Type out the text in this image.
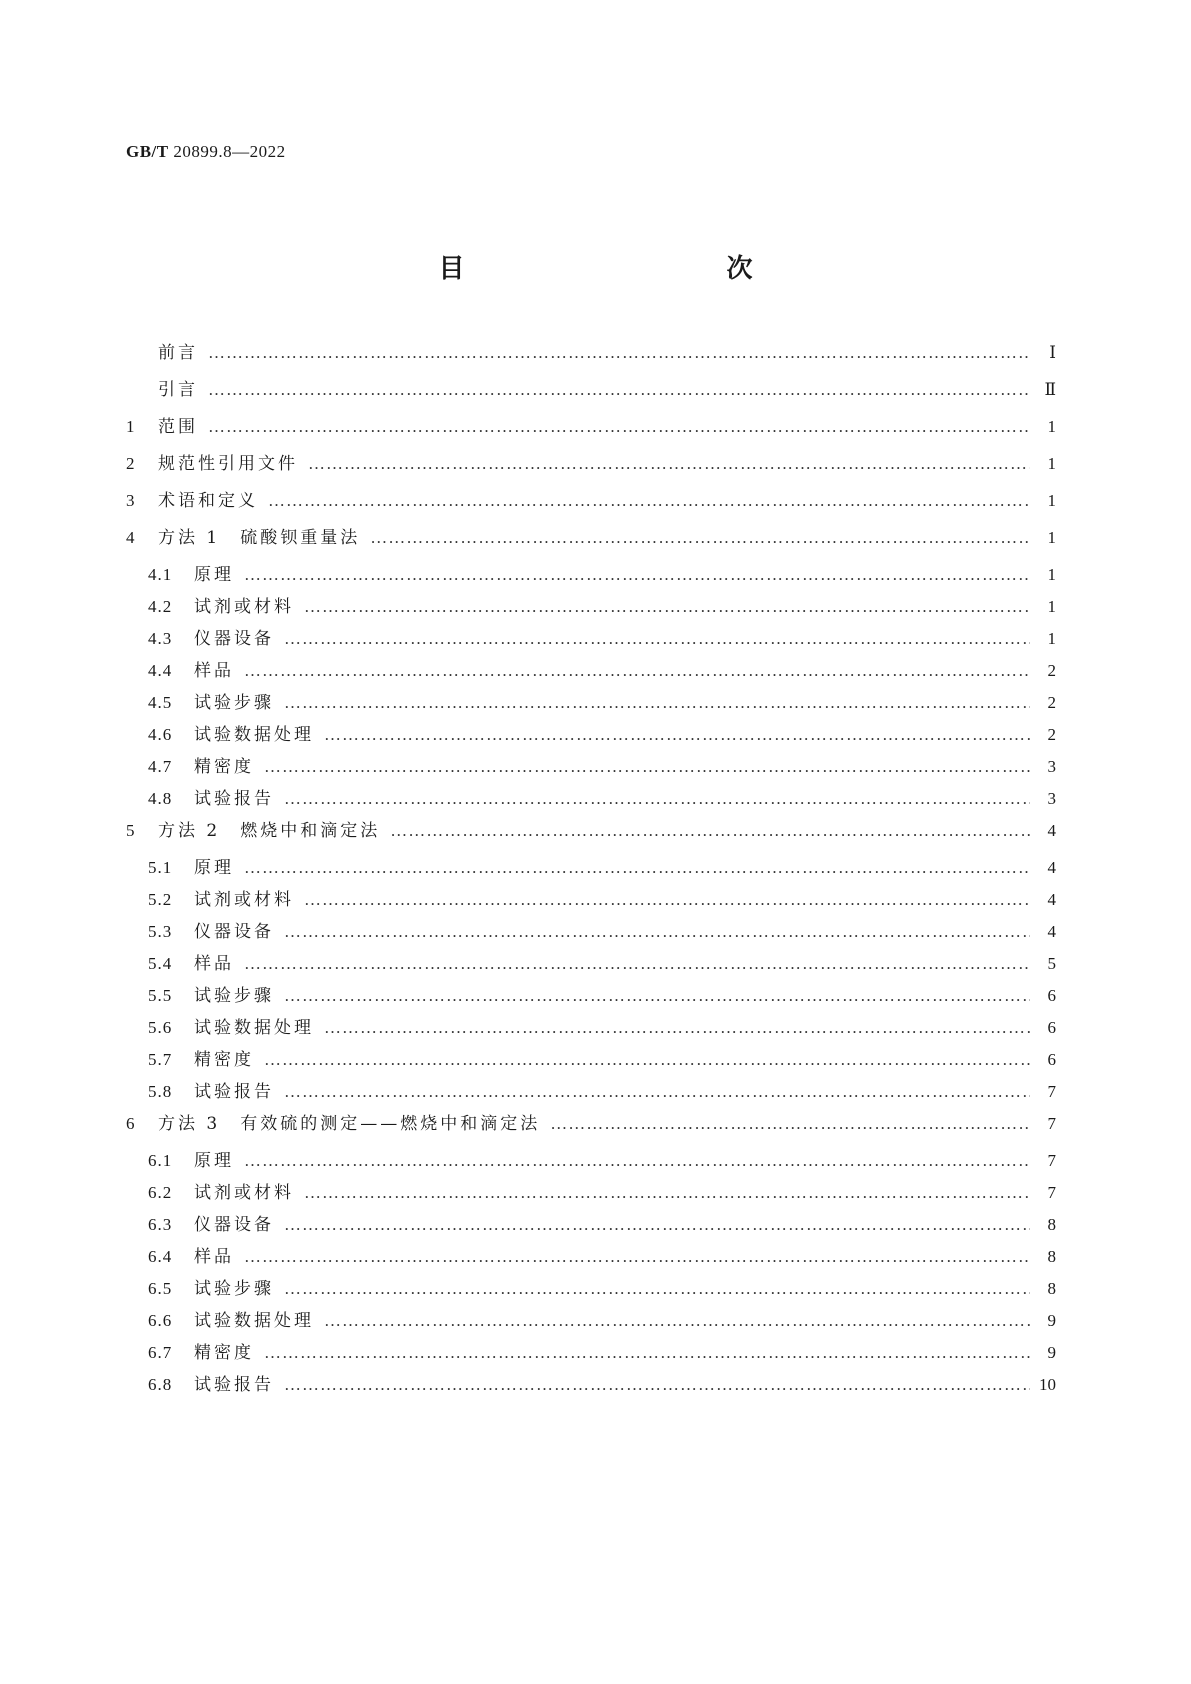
GB/T 20899.8—2022
目　　次
前言 …………………………………………………………………………………………………………………………………………………………………………	Ⅰ
引言 …………………………………………………………………………………………………………………………………………………………………………	Ⅱ
1	范围 …………………………………………………………………………………………………………………………………………………………………………	1
2	规范性引用文件 …………………………………………………………………………………………………………………………………………………………………………	1
3	术语和定义 …………………………………………………………………………………………………………………………………………………………………………	1
4	方法 1　硫酸钡重量法 …………………………………………………………………………………………………………………………………………………………………………	1
4.1	原理 …………………………………………………………………………………………………………………………………………………………………………	1
4.2	试剂或材料 …………………………………………………………………………………………………………………………………………………………………………	1
4.3	仪器设备 …………………………………………………………………………………………………………………………………………………………………………	1
4.4	样品 …………………………………………………………………………………………………………………………………………………………………………	2
4.5	试验步骤 …………………………………………………………………………………………………………………………………………………………………………	2
4.6	试验数据处理 …………………………………………………………………………………………………………………………………………………………………………	2
4.7	精密度 …………………………………………………………………………………………………………………………………………………………………………	3
4.8	试验报告 …………………………………………………………………………………………………………………………………………………………………………	3
5	方法 2　燃烧中和滴定法 …………………………………………………………………………………………………………………………………………………………………………	4
5.1	原理 …………………………………………………………………………………………………………………………………………………………………………	4
5.2	试剂或材料 …………………………………………………………………………………………………………………………………………………………………………	4
5.3	仪器设备 …………………………………………………………………………………………………………………………………………………………………………	4
5.4	样品 …………………………………………………………………………………………………………………………………………………………………………	5
5.5	试验步骤 …………………………………………………………………………………………………………………………………………………………………………	6
5.6	试验数据处理 …………………………………………………………………………………………………………………………………………………………………………	6
5.7	精密度 …………………………………………………………………………………………………………………………………………………………………………	6
5.8	试验报告 …………………………………………………………………………………………………………………………………………………………………………	7
6	方法 3　有效硫的测定——燃烧中和滴定法 …………………………………………………………………………………………………………………………………………………………………………	7
6.1	原理 …………………………………………………………………………………………………………………………………………………………………………	7
6.2	试剂或材料 …………………………………………………………………………………………………………………………………………………………………………	7
6.3	仪器设备 …………………………………………………………………………………………………………………………………………………………………………	8
6.4	样品 …………………………………………………………………………………………………………………………………………………………………………	8
6.5	试验步骤 …………………………………………………………………………………………………………………………………………………………………………	8
6.6	试验数据处理 …………………………………………………………………………………………………………………………………………………………………………	9
6.7	精密度 …………………………………………………………………………………………………………………………………………………………………………	9
6.8	试验报告 …………………………………………………………………………………………………………………………………………………………………………	10
